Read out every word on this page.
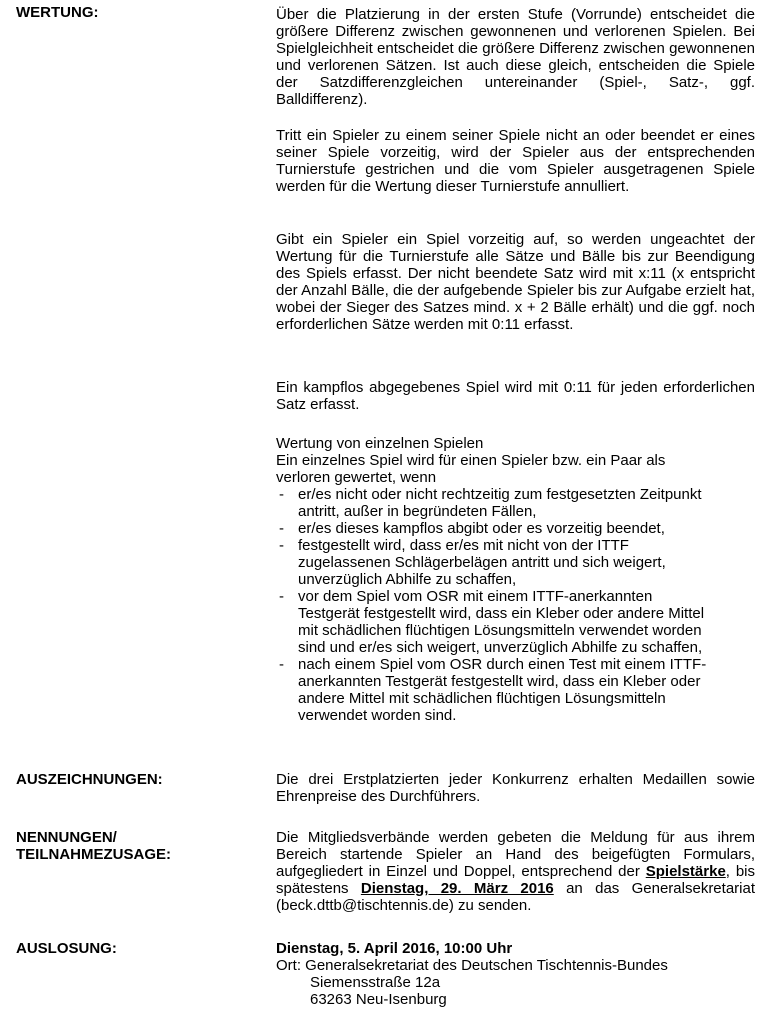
WERTUNG:	Über die Platzierung in der ersten Stufe (Vorrunde) entscheidet die größere Differenz zwischen gewonnenen und verlorenen Spielen. Bei Spielgleichheit entscheidet die größere Differenz zwischen gewonnenen und verlorenen Sätzen. Ist auch diese gleich, entscheiden die Spiele der Satzdifferenzgleichen untereinander (Spiel-, Satz-, ggf. Balldifferenz).

Tritt ein Spieler zu einem seiner Spiele nicht an oder beendet er eines seiner Spiele vorzeitig, wird der Spieler aus der entsprechenden Turnierstufe gestrichen und die vom Spieler ausgetragenen Spiele werden für die Wertung dieser Turnierstufe annulliert.

Gibt ein Spieler ein Spiel vorzeitig auf, so werden ungeachtet der Wertung für die Turnierstufe alle Sätze und Bälle bis zur Beendigung des Spiels erfasst. Der nicht beendete Satz wird mit x:11 (x entspricht der Anzahl Bälle, die der aufgebende Spieler bis zur Aufgabe erzielt hat, wobei der Sieger des Satzes mind. x + 2 Bälle erhält) und die ggf. noch erforderlichen Sätze werden mit 0:11 erfasst.

Ein kampflos abgegebenes Spiel wird mit 0:11 für jeden erforderlichen Satz erfasst.

Wertung von einzelnen Spielen
Ein einzelnes Spiel wird für einen Spieler bzw. ein Paar als
verloren gewertet, wenn
- er/es nicht oder nicht rechtzeitig zum festgesetzten Zeitpunkt
antritt, außer in begründeten Fällen,
- er/es dieses kampflos abgibt oder es vorzeitig beendet,
- festgestellt wird, dass er/es mit nicht von der ITTF
zugelassenen Schlägerbelägen antritt und sich weigert,
unverzüglich Abhilfe zu schaffen,
- vor dem Spiel vom OSR mit einem ITTF-anerkannten
Testgerät festgestellt wird, dass ein Kleber oder andere Mittel
mit schädlichen flüchtigen Lösungsmitteln verwendet worden
sind und er/es sich weigert, unverzüglich Abhilfe zu schaffen,
- nach einem Spiel vom OSR durch einen Test mit einem ITTF-
anerkannten Testgerät festgestellt wird, dass ein Kleber oder
andere Mittel mit schädlichen flüchtigen Lösungsmitteln
verwendet worden sind.
AUSZEICHNUNGEN:	Die drei Erstplatzierten jeder Konkurrenz erhalten Medaillen sowie Ehrenpreise des Durchführers.

NENNUNGEN/
TEILNAHMEZUSAGE:

Die Mitgliedsverbände werden gebeten die Meldung für aus ihrem Bereich startende Spieler an Hand des beigefügten Formulars, aufgegliedert in Einzel und Doppel, entsprechend der Spielstärke, bis spätestens Dienstag, 29. März 2016 an das Generalsekretariat (beck.dttb@tischtennis.de) zu senden.

AUSLOSUNG:	Dienstag, 5. April 2016, 10:00 Uhr
Ort: Generalsekretariat des Deutschen Tischtennis-Bundes
Siemensstraße 12a
63263 Neu-Isenburg
